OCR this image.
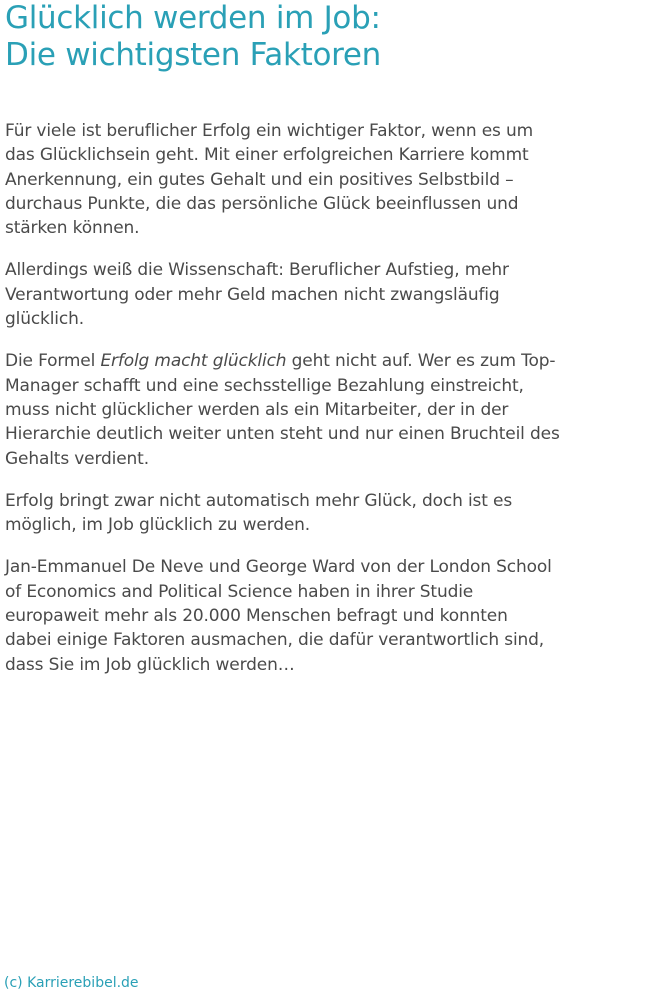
Glücklich werden im Job:
Die wichtigsten Faktoren

Für viele ist beruflicher Erfolg ein wichtiger Faktor, wenn es um
das Glücklichsein geht. Mit einer erfolgreichen Karriere kommt
Anerkennung, ein gutes Gehalt und ein positives Selbstbild –
durchaus Punkte, die das persönliche Glück beeinflussen und
stärken können.

Allerdings weiß die Wissenschaft: Beruflicher Aufstieg, mehr
Verantwortung oder mehr Geld machen nicht zwangsläufig
glücklich.

Die Formel Erfolg macht glücklich geht nicht auf. Wer es zum Top-
Manager schafft und eine sechsstellige Bezahlung einstreicht,
muss nicht glücklicher werden als ein Mitarbeiter, der in der
Hierarchie deutlich weiter unten steht und nur einen Bruchteil des
Gehalts verdient.

Erfolg bringt zwar nicht automatisch mehr Glück, doch ist es
möglich, im Job glücklich zu werden.

Jan-Emmanuel De Neve und George Ward von der London School
of Economics and Political Science haben in ihrer Studie
europaweit mehr als 20.000 Menschen befragt und konnten
dabei einige Faktoren ausmachen, die dafür verantwortlich sind,
dass Sie im Job glücklich werden…

(c) Karrierebibel.de
